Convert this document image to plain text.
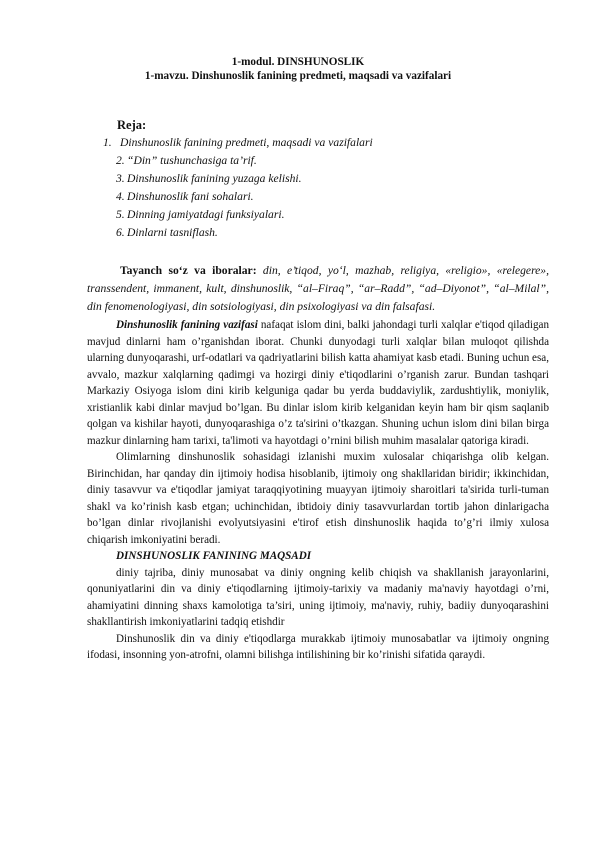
1-modul. DINSHUNOSLIK
1-mavzu. Dinshunoslik fanining predmeti, maqsadi va vazifalari
Reja:
1. Dinshunoslik fanining predmeti, maqsadi va vazifalari
2. “Din” tushunchasiga ta’rif.
3. Dinshunoslik fanining yuzaga kelishi.
4. Dinshunoslik fani sohalari.
5. Dinning jamiyatdagi funksiyalari.
6. Dinlarni tasniflash.

Tayanch so‘z va iboralar: din, e’tiqod, yo‘l, mazhab, religiya, «religio», «relegere», transsendent, immanent, kult, dinshunoslik, “al–Firaq”, “ar–Radd”, “ad–Diyonot”, “al–Milal”, din fenomenologiyasi, din sotsiologiyasi, din psixologiyasi va din falsafasi.

Dinshunoslik fanining vazifasi nafaqat islom dini, balki jahondagi turli xalqlar e'tiqod qiladigan mavjud dinlarni ham o’rganishdan iborat. Chunki dunyodagi turli xalqlar bilan muloqot qilishda ularning dunyoqarashi, urf-odatlari va qadriyatlarini bilish katta ahamiyat kasb etadi. Buning uchun esa, avvalo, mazkur xalqlarning qadimgi va hozirgi diniy e'tiqodlarini o’rganish zarur. Bundan tashqari Markaziy Osiyoga islom dini kirib kelguniga qadar bu yerda buddaviylik, zardushtiylik, moniylik, xristianlik kabi dinlar mavjud bo’lgan. Bu dinlar islom kirib kelganidan keyin ham bir qism saqlanib qolgan va kishilar hayoti, dunyoqarashiga o’z ta'sirini o’tkazgan. Shuning uchun islom dini bilan birga mazkur dinlarning ham tarixi, ta'limoti va hayotdagi o’rnini bilish muhim masalalar qatoriga kiradi.

Olimlarning dinshunoslik sohasidagi izlanishi muxim xulosalar chiqarishga olib kelgan. Birinchidan, har qanday din ijtimoiy hodisa hisoblanib, ijtimoiy ong shakllaridan biridir; ikkinchidan, diniy tasavvur va e'tiqodlar jamiyat taraqqiyotining muayyan ijtimoiy sharoitlari ta'sirida turli-tuman shakl va ko’rinish kasb etgan; uchinchidan, ibtidoiy diniy tasavvurlardan tortib jahon dinlarigacha bo’lgan dinlar rivojlanishi evolyutsiyasini e'tirof etish dinshunoslik haqida to’g’ri ilmiy xulosa chiqarish imkoniyatini beradi.

DINSHUNOSLIK FANINING MAQSADI

diniy tajriba, diniy munosabat va diniy ongning kelib chiqish va shakllanish jarayonlarini, qonuniyatlarini din va diniy e'tiqodlarning ijtimoiy-tarixiy va madaniy ma'naviy hayotdagi o’rni, ahamiyatini dinning shaxs kamolotiga ta’siri, uning ijtimoiy, ma'naviy, ruhiy, badiiy dunyoqarashini shakllantirish imkoniyatlarini tadqiq etishdir

Dinshunoslik din va diniy e'tiqodlarga murakkab ijtimoiy munosabatlar va ijtimoiy ongning ifodasi, insonning yon-atrofni, olamni bilishga intilishining bir ko’rinishi sifatida qaraydi.
